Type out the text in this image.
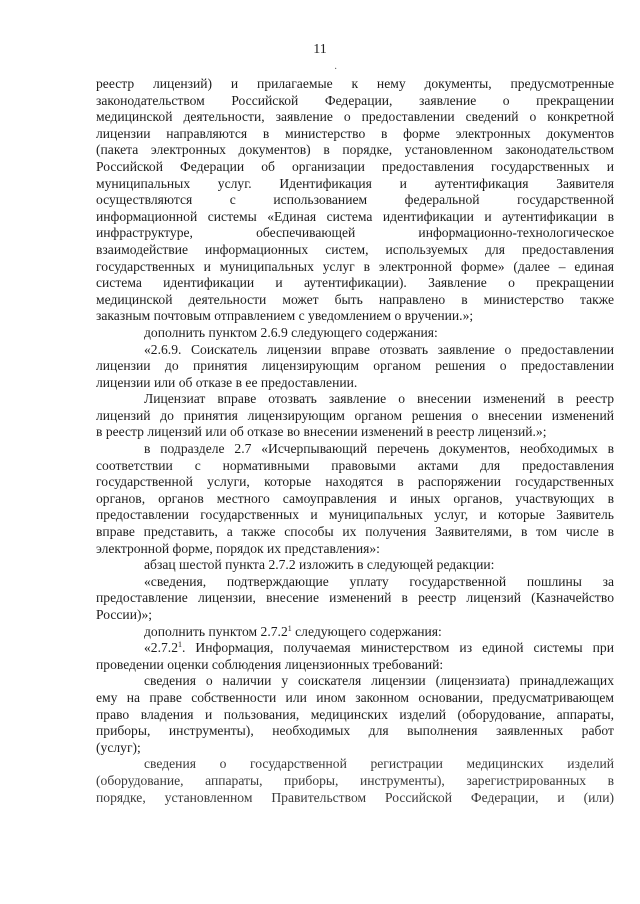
11
·
реестр лицензий) и прилагаемые к нему документы, предусмотренные
законодательством Российской Федерации, заявление о прекращении
медицинской деятельности, заявление о предоставлении сведений о конкретной
лицензии направляются в министерство в форме электронных документов
(пакета электронных документов) в порядке, установленном законодательством
Российской Федерации об организации предоставления государственных и
муниципальных услуг. Идентификация и аутентификация Заявителя
осуществляются с использованием федеральной государственной
информационной системы «Единая система идентификации и аутентификации в
инфраструктуре, обеспечивающей информационно-технологическое
взаимодействие информационных систем, используемых для предоставления
государственных и муниципальных услуг в электронной форме» (далее – единая
система идентификации и аутентификации). Заявление о прекращении
медицинской деятельности может быть направлено в министерство также
заказным почтовым отправлением с уведомлением о вручении.»;
дополнить пунктом 2.6.9 следующего содержания:
«2.6.9. Соискатель лицензии вправе отозвать заявление о предоставлении
лицензии до принятия лицензирующим органом решения о предоставлении
лицензии или об отказе в ее предоставлении.
Лицензиат вправе отозвать заявление о внесении изменений в реестр
лицензий до принятия лицензирующим органом решения о внесении изменений
в реестр лицензий или об отказе во внесении изменений в реестр лицензий.»;
в подразделе 2.7 «Исчерпывающий перечень документов, необходимых в
соответствии с нормативными правовыми актами для предоставления
государственной услуги, которые находятся в распоряжении государственных
органов, органов местного самоуправления и иных органов, участвующих в
предоставлении государственных и муниципальных услуг, и которые Заявитель
вправе представить, а также способы их получения Заявителями, в том числе в
электронной форме, порядок их представления»:
абзац шестой пункта 2.7.2 изложить в следующей редакции:
«сведения, подтверждающие уплату государственной пошлины за
предоставление лицензии, внесение изменений в реестр лицензий (Казначейство
России)»;
дополнить пунктом 2.7.2$^1$ следующего содержания:
«2.7.2$^1$. Информация, получаемая министерством из единой системы при
проведении оценки соблюдения лицензионных требований:
сведения о наличии у соискателя лицензии (лицензиата) принадлежащих
ему на праве собственности или ином законном основании, предусматривающем
право владения и пользования, медицинских изделий (оборудование, аппараты,
приборы, инструменты), необходимых для выполнения заявленных работ
(услуг);
сведения о государственной регистрации медицинских изделий
(оборудование, аппараты, приборы, инструменты), зарегистрированных в
порядке, установленном Правительством Российской Федерации, и (или)
